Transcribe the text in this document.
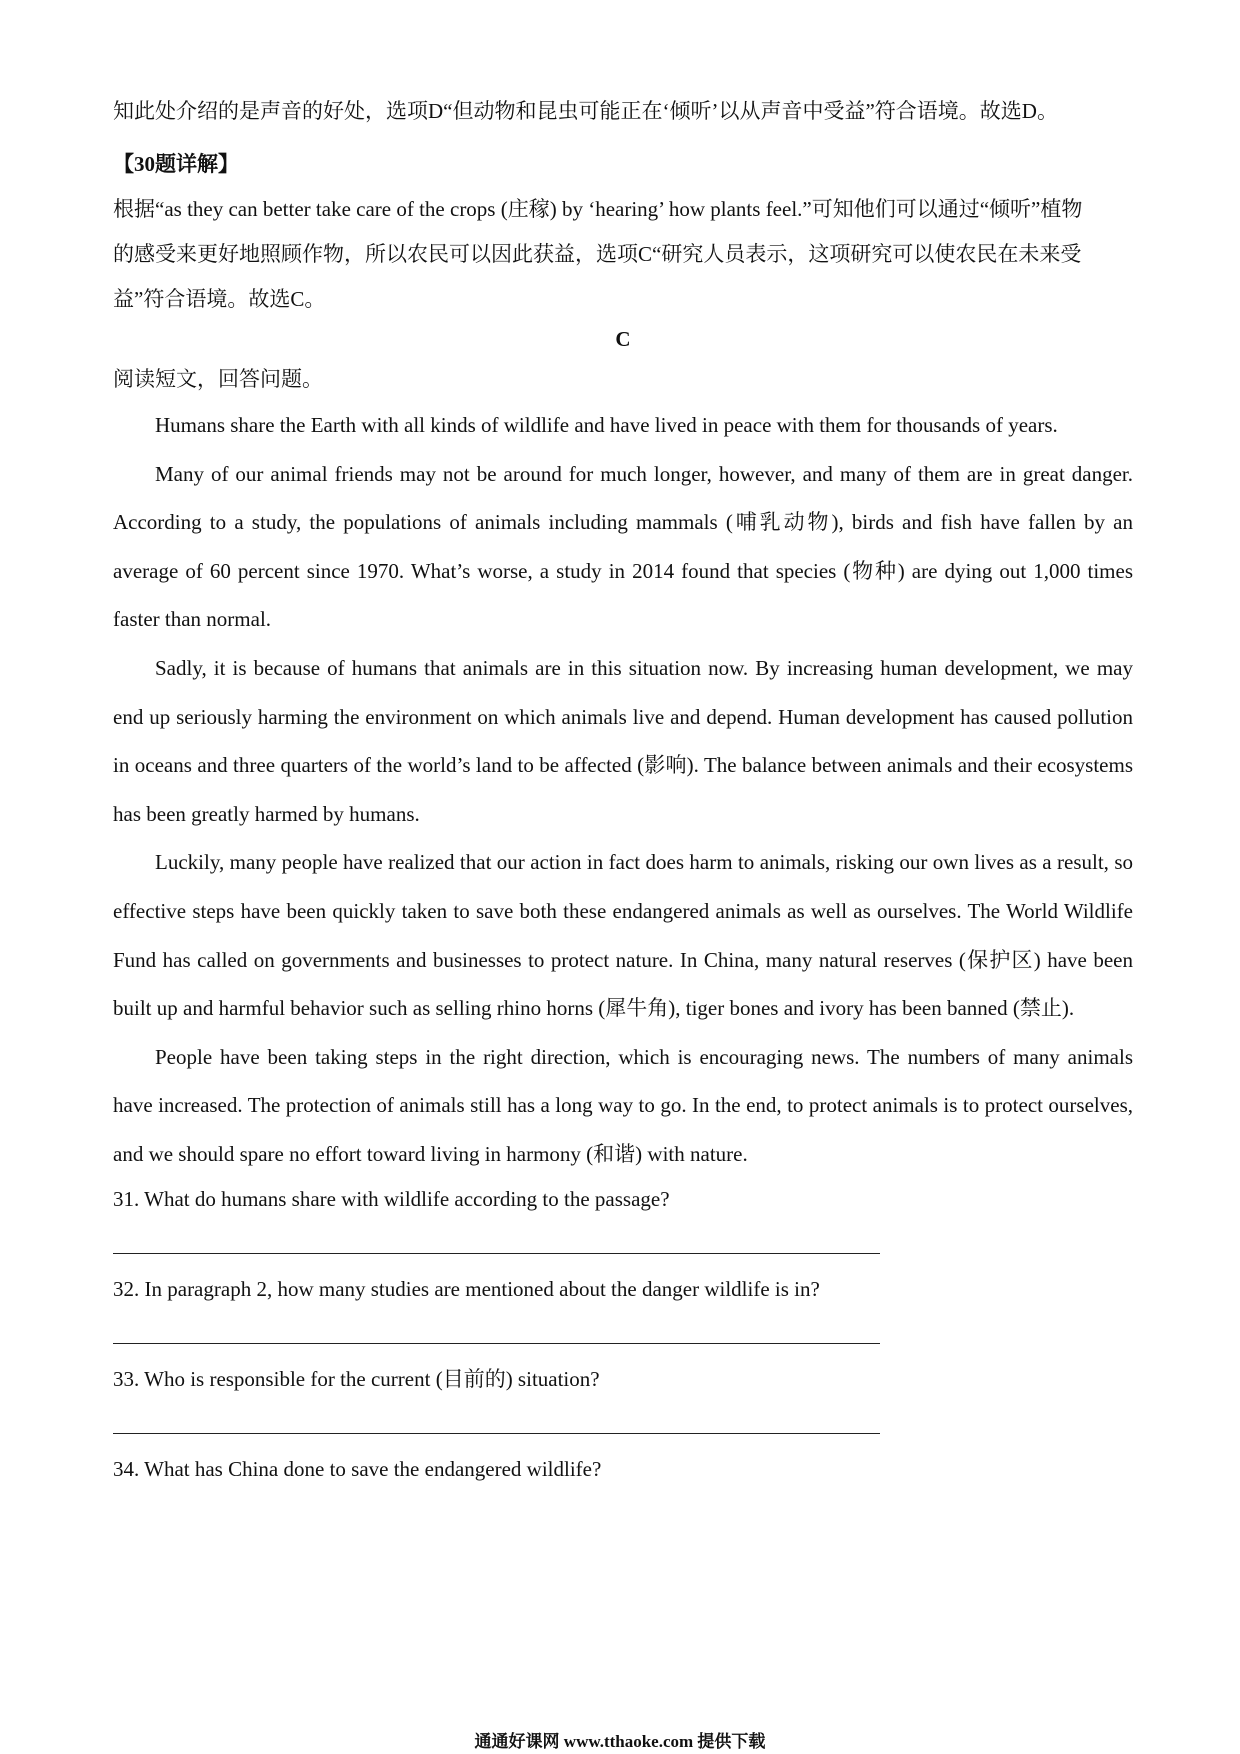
知此处介绍的是声音的好处，选项D“但动物和昆虫可能正在‘倾听’以从声音中受益”符合语境。故选D。

【30题详解】

根据“as they can better take care of the crops (庄稼) by ‘hearing’ how plants feel.”可知他们可以通过“倾听”植物

的感受来更好地照顾作物，所以农民可以因此获益，选项C“研究人员表示，这项研究可以使农民在未来受

益”符合语境。故选C。

C

阅读短文，回答问题。

Humans share the Earth with all kinds of wildlife and have lived in peace with them for thousands of years.

Many of our animal friends may not be around for much longer, however, and many of them are in great danger. According to a study, the populations of animals including mammals (哺乳动物), birds and fish have fallen by an average of 60 percent since 1970. What’s worse, a study in 2014 found that species (物种) are dying out 1,000 times faster than normal.

Sadly, it is because of humans that animals are in this situation now. By increasing human development, we may end up seriously harming the environment on which animals live and depend. Human development has caused pollution in oceans and three quarters of the world’s land to be affected (影响). The balance between animals and their ecosystems has been greatly harmed by humans.

Luckily, many people have realized that our action in fact does harm to animals, risking our own lives as a result, so effective steps have been quickly taken to save both these endangered animals as well as ourselves. The World Wildlife Fund has called on governments and businesses to protect nature. In China, many natural reserves (保护区) have been built up and harmful behavior such as selling rhino horns (犀牛角), tiger bones and ivory has been banned (禁止).

People have been taking steps in the right direction, which is encouraging news. The numbers of many animals have increased. The protection of animals still has a long way to go. In the end, to protect animals is to protect ourselves, and we should spare no effort toward living in harmony (和谐) with nature.

31. What do humans share with wildlife according to the passage?

32. In paragraph 2, how many studies are mentioned about the danger wildlife is in?

33. Who is responsible for the current (目前的) situation?

34. What has China done to save the endangered wildlife?

通通好课网 www.tthaoke.com 提供下载
